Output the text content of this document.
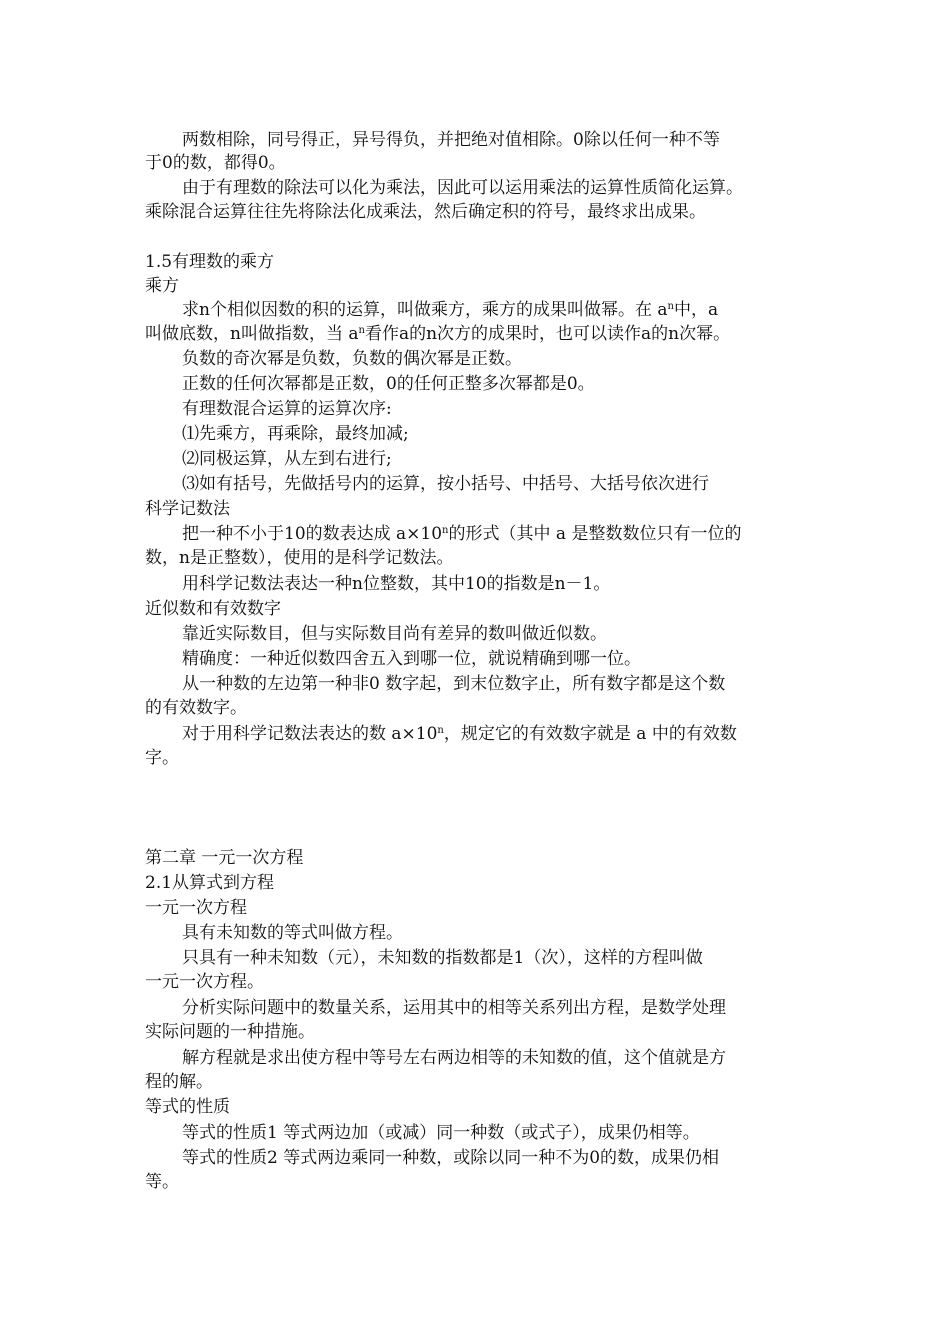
两数相除，同号得正，异号得负，并把绝对值相除。0除以任何一种不等
于0的数，都得0。
由于有理数的除法可以化为乘法，因此可以运用乘法的运算性质简化运算。
乘除混合运算往往先将除法化成乘法，然后确定积的符号，最终求出成果。
1.5有理数的乘方
乘方
求n个相似因数的积的运算，叫做乘方，乘方的成果叫做幂。在 $a^n$中，a
叫做底数，n叫做指数，当 $a^n$看作a的n次方的成果时，也可以读作a的n次幂。
负数的奇次幂是负数，负数的偶次幂是正数。
正数的任何次幂都是正数，0的任何正整多次幂都是0。
有理数混合运算的运算次序:
⑴先乘方，再乘除，最终加减;
⑵同极运算，从左到右进行;
⑶如有括号，先做括号内的运算，按小括号、中括号、大括号依次进行
科学记数法
把一种不小于10的数表达成 $a\times 10^n$的形式（其中 a 是整数数位只有一位的
数，n是正整数），使用的是科学记数法。
用科学记数法表达一种n位整数，其中10的指数是n－1。
近似数和有效数字
靠近实际数目，但与实际数目尚有差异的数叫做近似数。
精确度：一种近似数四舍五入到哪一位，就说精确到哪一位。
从一种数的左边第一种非0 数字起，到末位数字止，所有数字都是这个数
的有效数字。
对于用科学记数法表达的数 $a\times 10^n$，规定它的有效数字就是 a 中的有效数
字。
第二章 一元一次方程
2.1从算式到方程
一元一次方程
具有未知数的等式叫做方程。
只具有一种未知数（元），未知数的指数都是1（次），这样的方程叫做
一元一次方程。
分析实际问题中的数量关系，运用其中的相等关系列出方程，是数学处理
实际问题的一种措施。
解方程就是求出使方程中等号左右两边相等的未知数的值，这个值就是方
程的解。
等式的性质
等式的性质1 等式两边加（或减）同一种数（或式子），成果仍相等。
等式的性质2 等式两边乘同一种数，或除以同一种不为0的数，成果仍相
等。
